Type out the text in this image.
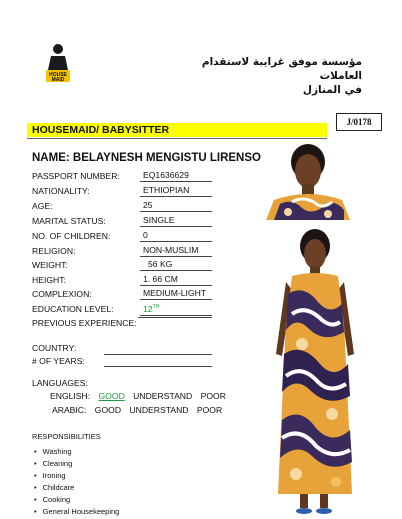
HOUSE
MAID
مؤسسة موفق غرايبة لاستقدام العاملات
في المنازل
J/0178
HOUSEMAID/ BABYSITTER
NAME: BELAYNESH MENGISTU LIRENSO
PASSPORT NUMBER:	EQ1636629
NATIONALITY:	ETHIOPIAN
AGE:	25
MARITAL STATUS:	SINGLE
NO. OF CHILDREN:	0
RELIGION:	NON-MUSLIM
WEIGHT:	56 KG
HEIGHT:	1. 66 CM
COMPLEXION:	MEDIUM-LIGHT
EDUCATION LEVEL:	12TH
PREVIOUS EXPERIENCE:
COUNTRY:
# OF YEARS:
LANGUAGES:
ENGLISH: GOOD UNDERSTAND POOR
ARABIC: GOOD UNDERSTAND POOR
RESPONSIBILITIES
• Washing
• Cleaning
• Ironing
• Childcare
• Cooking
• General Housekeeping
